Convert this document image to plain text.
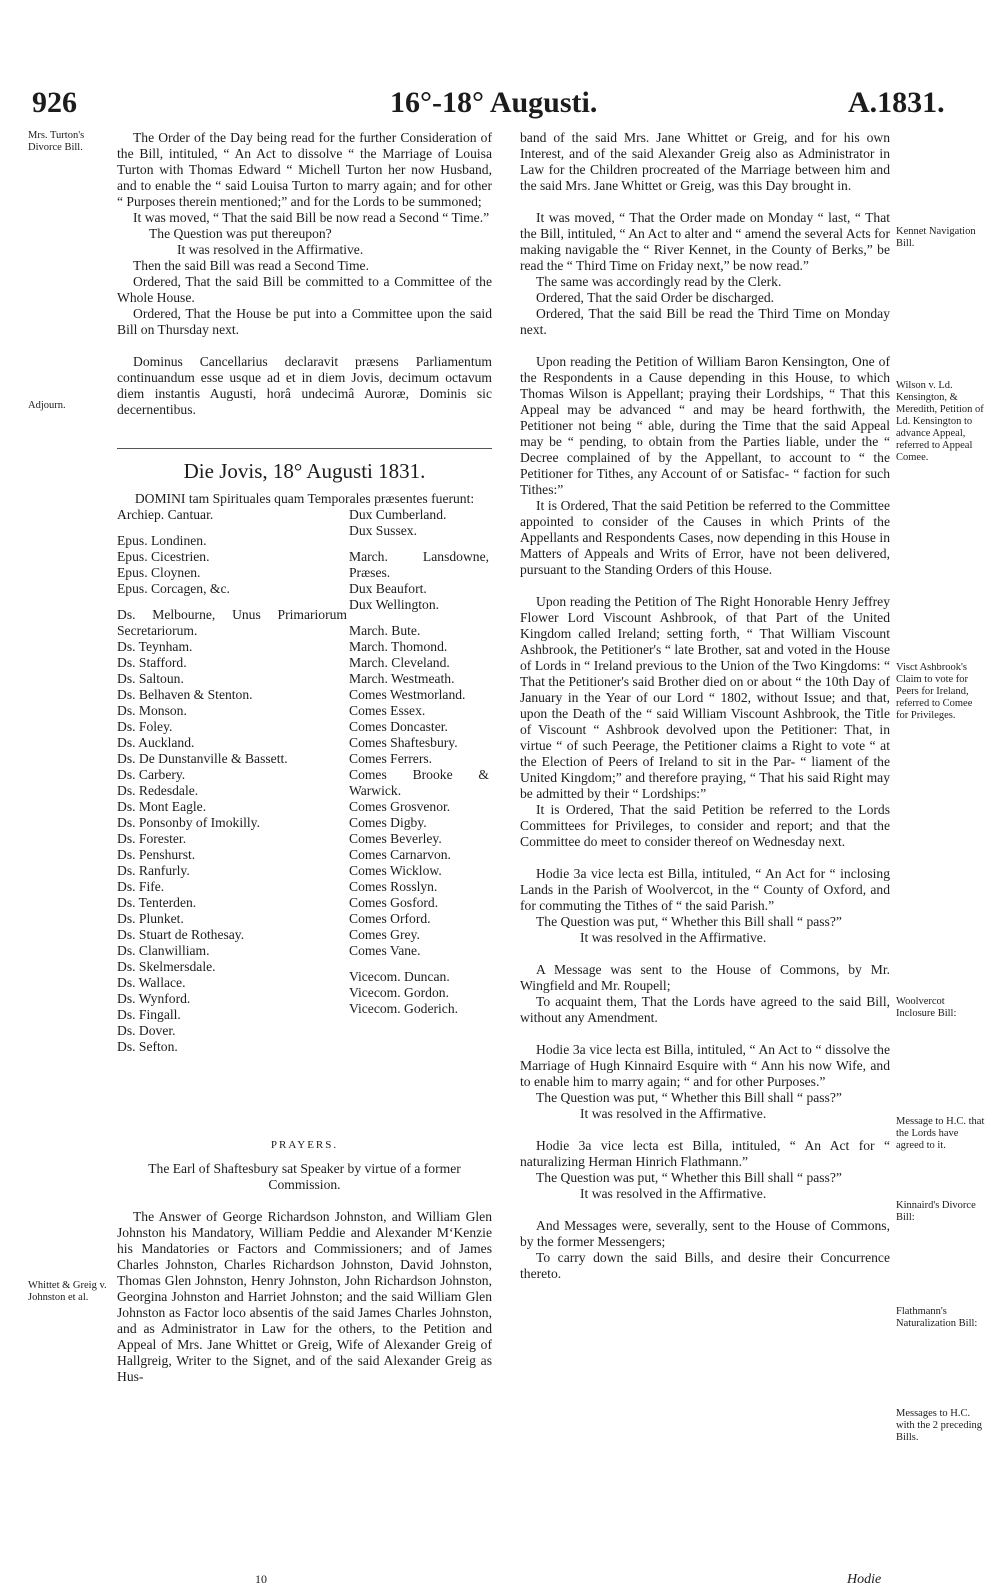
926	16°-18° Augusti.	A.1831.
Mrs. Turton's Divorce Bill.
Adjourn.
Whittet & Greig v. Johnston et al.
Kennet Navigation Bill.
Wilson v. Ld. Kensington, & Meredith, Petition of Ld. Kensington to advance Appeal, referred to Appeal Comee.
Visct Ashbrook's Claim to vote for Peers for Ireland, referred to Comee for Privileges.
Woolvercot Inclosure Bill:
Message to H.C. that the Lords have agreed to it.
Kinnaird's Divorce Bill:
Flathmann's Naturalization Bill:
Messages to H.C. with the 2 preceding Bills.

The Order of the Day being read for the further Consideration of the Bill, intituled, “ An Act to dissolve “ the Marriage of Louisa Turton with Thomas Edward “ Michell Turton her now Husband, and to enable the “ said Louisa Turton to marry again; and for other “ Purposes therein mentioned;” and for the Lords to be summoned;

It was moved, “ That the said Bill be now read a Second “ Time.”

The Question was put thereupon?

It was resolved in the Affirmative.

Then the said Bill was read a Second Time.

Ordered, That the said Bill be committed to a Committee of the Whole House.

Ordered, That the House be put into a Committee upon the said Bill on Thursday next.

Dominus Cancellarius declaravit præsens Parliamentum continuandum esse usque ad et in diem Jovis, decimum octavum diem instantis Augusti, horâ undecimâ Auroræ, Dominis sic decernentibus.

Die Jovis, 18° Augusti 1831.

DOMINI tam Spirituales quam Temporales præsentes fuerunt:

Archiep. Cantuar.

Epus. Londinen.

Epus. Cicestrien.

Epus. Cloynen.

Epus. Corcagen, &c.

Ds. Melbourne, Unus Primariorum Secretariorum.

Ds. Teynham.

Ds. Stafford.

Ds. Saltoun.

Ds. Belhaven & Stenton.

Ds. Monson.

Ds. Foley.

Ds. Auckland.

Ds. De Dunstanville & Bassett.

Ds. Carbery.

Ds. Redesdale.

Ds. Mont Eagle.

Ds. Ponsonby of Imokilly.

Ds. Forester.

Ds. Penshurst.

Ds. Ranfurly.

Ds. Fife.

Ds. Tenterden.

Ds. Plunket.

Ds. Stuart de Rothesay.

Ds. Clanwilliam.

Ds. Skelmersdale.

Ds. Wallace.

Ds. Wynford.

Ds. Fingall.

Ds. Dover.

Ds. Sefton.

Dux Cumberland.

Dux Sussex.

March. Lansdowne, Præses.

Dux Beaufort.

Dux Wellington.

March. Bute.

March. Thomond.

March. Cleveland.

March. Westmeath.

Comes Westmorland.

Comes Essex.

Comes Doncaster.

Comes Shaftesbury.

Comes Ferrers.

Comes Brooke & Warwick.

Comes Grosvenor.

Comes Digby.

Comes Beverley.

Comes Carnarvon.

Comes Wicklow.

Comes Rosslyn.

Comes Gosford.

Comes Orford.

Comes Grey.

Comes Vane.

Vicecom. Duncan.

Vicecom. Gordon.

Vicecom. Goderich.

PRAYERS.

The Earl of Shaftesbury sat Speaker by virtue of a former Commission.

The Answer of George Richardson Johnston, and William Glen Johnston his Mandatory, William Peddie and Alexander M‘Kenzie his Mandatories or Factors and Commissioners; and of James Charles Johnston, Charles Richardson Johnston, David Johnston, Thomas Glen Johnston, Henry Johnston, John Richardson Johnston, Georgina Johnston and Harriet Johnston; and the said William Glen Johnston as Factor loco absentis of the said James Charles Johnston, and as Administrator in Law for the others, to the Petition and Appeal of Mrs. Jane Whittet or Greig, Wife of Alexander Greig of Hallgreig, Writer to the Signet, and of the said Alexander Greig as Hus-

band of the said Mrs. Jane Whittet or Greig, and for his own Interest, and of the said Alexander Greig also as Administrator in Law for the Children procreated of the Marriage between him and the said Mrs. Jane Whittet or Greig, was this Day brought in.

It was moved, “ That the Order made on Monday “ last, “ That the Bill, intituled, “ An Act to alter and “ amend the several Acts for making navigable the “ River Kennet, in the County of Berks,” be read the “ Third Time on Friday next,” be now read.”

The same was accordingly read by the Clerk.

Ordered, That the said Order be discharged.

Ordered, That the said Bill be read the Third Time on Monday next.

Upon reading the Petition of William Baron Kensington, One of the Respondents in a Cause depending in this House, to which Thomas Wilson is Appellant; praying their Lordships, “ That this Appeal may be advanced “ and may be heard forthwith, the Petitioner not being “ able, during the Time that the said Appeal may be “ pending, to obtain from the Parties liable, under the “ Decree complained of by the Appellant, to account to “ the Petitioner for Tithes, any Account of or Satisfac- “ faction for such Tithes:”

It is Ordered, That the said Petition be referred to the Committee appointed to consider of the Causes in which Prints of the Appellants and Respondents Cases, now depending in this House in Matters of Appeals and Writs of Error, have not been delivered, pursuant to the Standing Orders of this House.

Upon reading the Petition of The Right Honorable Henry Jeffrey Flower Lord Viscount Ashbrook, of that Part of the United Kingdom called Ireland; setting forth, “ That William Viscount Ashbrook, the Petitioner's “ late Brother, sat and voted in the House of Lords in “ Ireland previous to the Union of the Two Kingdoms: “ That the Petitioner's said Brother died on or about “ the 10th Day of January in the Year of our Lord “ 1802, without Issue; and that, upon the Death of the “ said William Viscount Ashbrook, the Title of Viscount “ Ashbrook devolved upon the Petitioner: That, in virtue “ of such Peerage, the Petitioner claims a Right to vote “ at the Election of Peers of Ireland to sit in the Par- “ liament of the United Kingdom;” and therefore praying, “ That his said Right may be admitted by their “ Lordships:”

It is Ordered, That the said Petition be referred to the Lords Committees for Privileges, to consider and report; and that the Committee do meet to consider thereof on Wednesday next.

Hodie 3a vice lecta est Billa, intituled, “ An Act for “ inclosing Lands in the Parish of Woolvercot, in the “ County of Oxford, and for commuting the Tithes of “ the said Parish.”

The Question was put, “ Whether this Bill shall “ pass?”

It was resolved in the Affirmative.

A Message was sent to the House of Commons, by Mr. Wingfield and Mr. Roupell;

To acquaint them, That the Lords have agreed to the said Bill, without any Amendment.

Hodie 3a vice lecta est Billa, intituled, “ An Act to “ dissolve the Marriage of Hugh Kinnaird Esquire with “ Ann his now Wife, and to enable him to marry again; “ and for other Purposes.”

The Question was put, “ Whether this Bill shall “ pass?”

It was resolved in the Affirmative.

Hodie 3a vice lecta est Billa, intituled, “ An Act for “ naturalizing Herman Hinrich Flathmann.”

The Question was put, “ Whether this Bill shall “ pass?”

It was resolved in the Affirmative.

And Messages were, severally, sent to the House of Commons, by the former Messengers;

To carry down the said Bills, and desire their Concurrence thereto.

10	Hodie
